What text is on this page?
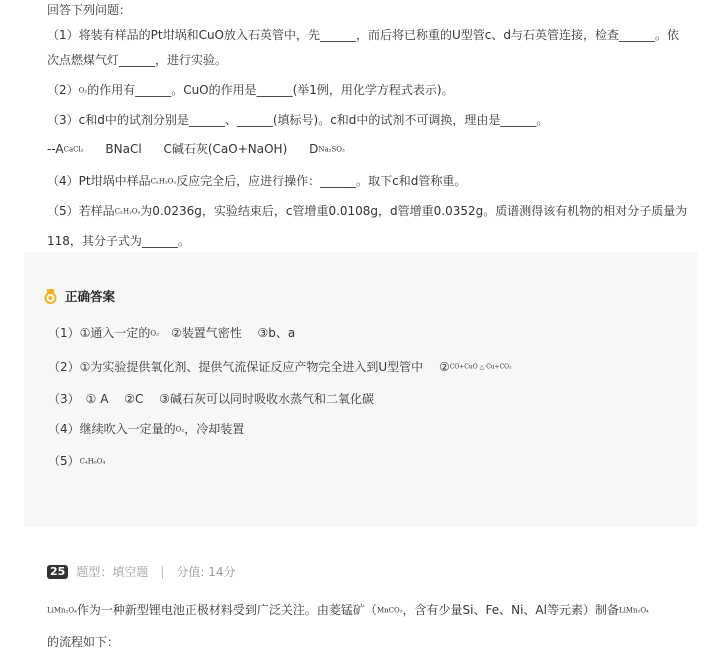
回答下列问题：
（1）将装有样品的Pt坩埚和CuO放入石英管中，先______，而后将已称重的U型管c、d与石英管连接，检查______。依
次点燃煤气灯______，进行实验。
（2）O₂的作用有______。CuO的作用是______(举1例，用化学方程式表示)。
（3）c和d中的试剂分别是______、______(填标号)。c和d中的试剂不可调换，理由是______。
--ACaCl₂ BNaCl C碱石灰(CaO+NaOH) DNa₂SO₃
（4）Pt坩埚中样品CₓHᵧOᵤ反应完全后，应进行操作：______。取下c和d管称重。
（5）若样品CₓHᵧOᵤ为0.0236g，实验结束后，c管增重0.0108g，d管增重0.0352g。质谱测得该有机物的相对分子质量为
118，其分子式为______。
正确答案
（1）①通入一定的O₂　②装置气密性　 ③b、a
（2）①为实验提供氧化剂、提供气流保证反应产物完全进入到U型管中　 ②CO+CuO △ Cu+CO₂
（3）　① A　 ②C　 ③碱石灰可以同时吸收水蒸气和二氧化碳
（4）继续吹入一定量的O₂，冷却装置
（5）C₄H₆O₄
25 题型：填空题 | 分值: 14分
LiMn₂O₄作为一种新型锂电池正极材料受到广泛关注。由菱锰矿（MnCO₃，含有少量Si、Fe、Ni、Al等元素）制备LiMn₂O₄
的流程如下：
